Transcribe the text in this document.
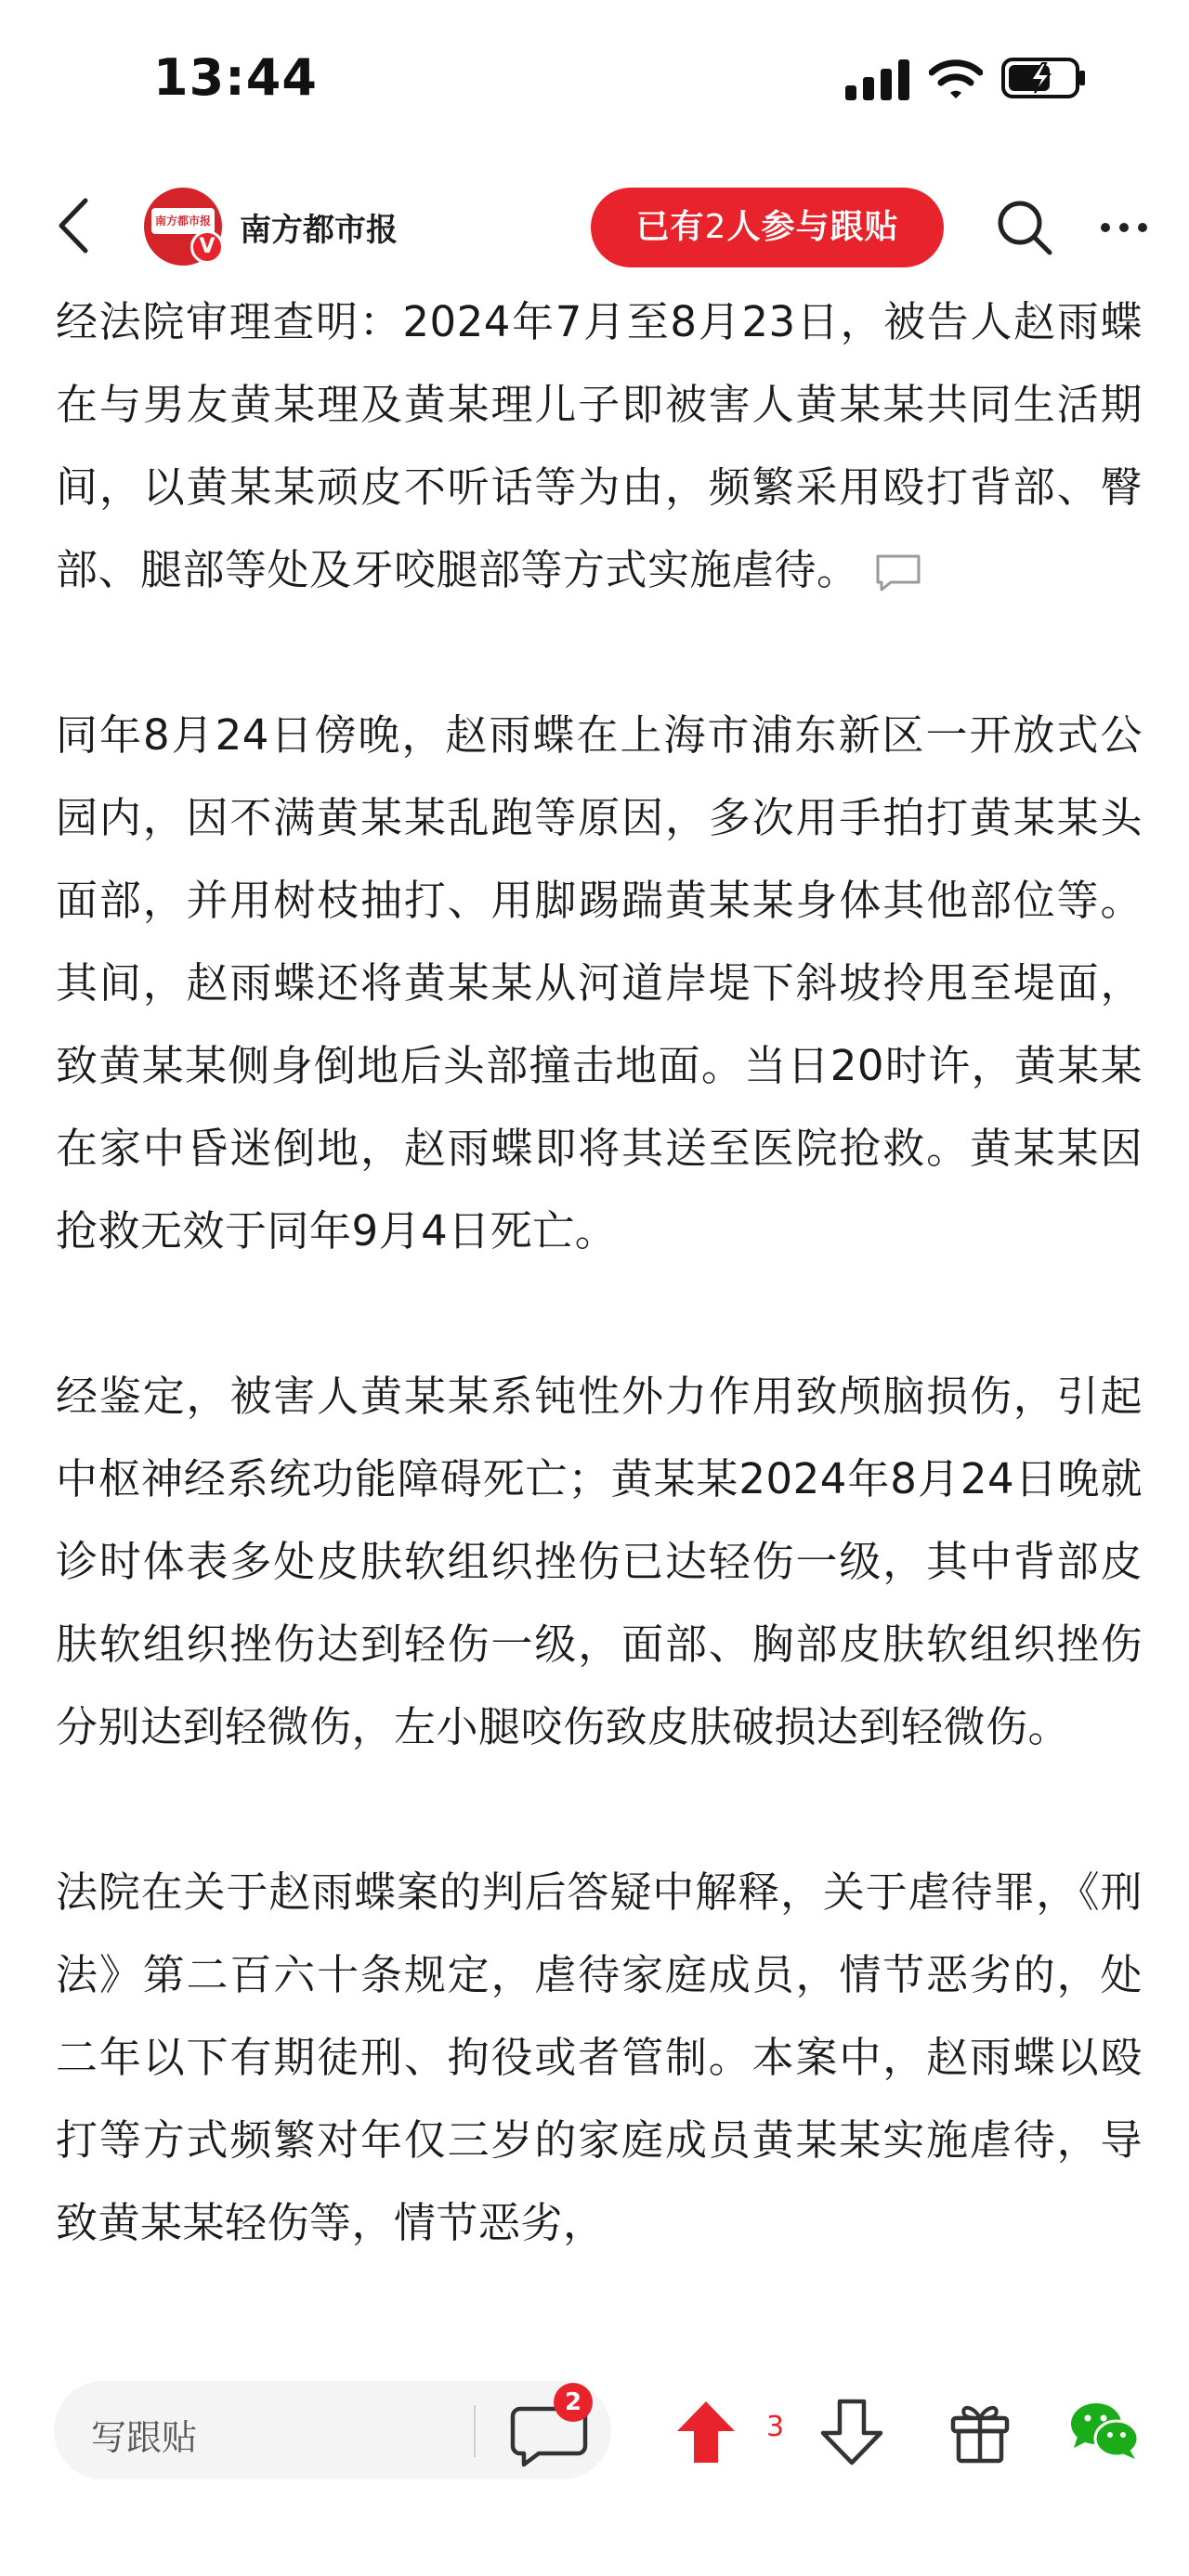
13:44
南方都市报
V 南方都市报	已有2人参与跟贴

经法院审理查明：2024年7月至8月23日，被告人赵雨蝶在与男友黄某理及黄某理儿子即被害人黄某某共同生活期间，以黄某某顽皮不听话等为由，频繁采用殴打背部、臀部、腿部等处及牙咬腿部等方式实施虐待。

同年8月24日傍晚，赵雨蝶在上海市浦东新区一开放式公园内，因不满黄某某乱跑等原因，多次用手拍打黄某某头面部，并用树枝抽打、用脚踢踹黄某某身体其他部位等。其间，赵雨蝶还将黄某某从河道岸堤下斜坡拎甩至堤面，致黄某某侧身倒地后头部撞击地面。当日20时许，黄某某在家中昏迷倒地，赵雨蝶即将其送至医院抢救。黄某某因抢救无效于同年9月4日死亡。

经鉴定，被害人黄某某系钝性外力作用致颅脑损伤，引起中枢神经系统功能障碍死亡；黄某某2024年8月24日晚就诊时体表多处皮肤软组织挫伤已达轻伤一级，其中背部皮肤软组织挫伤达到轻伤一级，面部、胸部皮肤软组织挫伤分别达到轻微伤，左小腿咬伤致皮肤破损达到轻微伤。

法院在关于赵雨蝶案的判后答疑中解释，关于虐待罪，《刑法》第二百六十条规定，虐待家庭成员，情节恶劣的，处二年以下有期徒刑、拘役或者管制。本案中，赵雨蝶以殴打等方式频繁对年仅三岁的家庭成员黄某某实施虐待，导致黄某某轻伤等，情节恶劣，

写跟贴
2
3
